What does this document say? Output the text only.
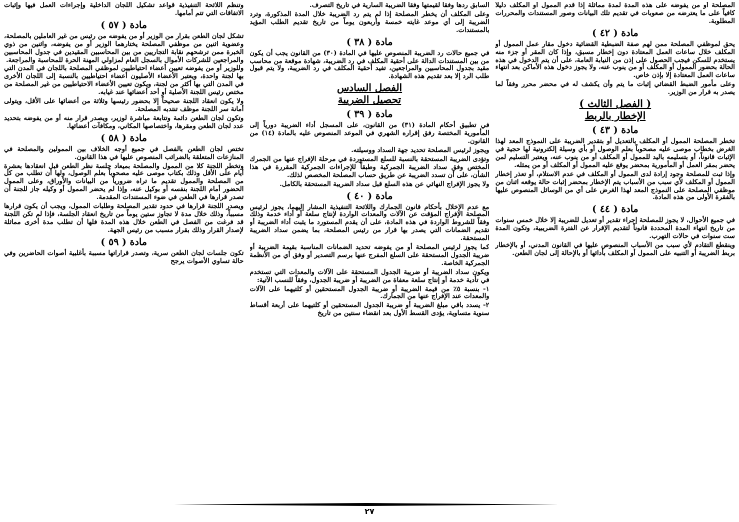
وتنظم اللائحة التنفيذية قواعد تشكيل اللجان الداخلية وإجراءات العمل فيها وإثبات الاتفاقات التي تتم أمامها.

مادة ( ٥٧ )

تشكل لجان الطعن بقرار من الوزير أو من يفوضه من رئيس من غير العاملين بالمصلحة، وعضوية اثنين من موظفي المصلحة يختارهما الوزير أو من يفوضه، واثنين من ذوي الخبرة ممن ترشحهم نقابة التجاريين من بين المحاسبين المقيدين في جدول المحاسبين والمراجعين للشركات الأموال بالسجل العام لمزاولي المهنة الحرة للمحاسبة والمراجعة.

وللوزير أو من يفوضه تعيين أعضاء احتياطيين لموظفي المصلحة باللجان في المدن التي بها لجنة واحدة، ويعتبر الأعضاء الأصليون أعضاء احتياطيين بالنسبة إلى اللجان الأخرى في المدن التي بها أكثر من لجنة، ويكون تعيين الأعضاء الاحتياطيين من غير المصلحة من مختص رئيس اللجنة الأصلية أو أحد أعضائها عند غيابه.

ولا يكون انعقاد اللجنة صحيحاً إلا بحضور رئيسها وثلاثة من أعضائها على الأقل، ويتولى أمانة سر اللجنة موظف تنتدبه المصلحة.

وتكون لجان الطعن دائمة وتتابعة مباشرة لوزير، ويصدر قرار منه أو من يفوضه بتحديد عدد لجان الطعن ومقرها، واختصاصها المكاني، ومكافآت أعضائها.

مادة ( ٥٨ )

تختص لجان الطعن بالفصل في جميع أوجه الخلاف بين الممولين والمصلحة في المنازعات المتعلقة بالضرائب المنصوص عليها في هذا القانون.

وتخطر اللجنة كلا من الممول والمصلحة بميعاد جلسة نظر الطعن قبل انعقادها بعشرة أيام على الأقل وذلك بكتاب موصى عليه مصحوباً بعلم الوصول، ولها أن تطلب من كل من المصلحة والممول تقديم ما تراه ضرورياً من البيانات والأوراق، وعلى الممول الحضور أمام اللجنة بنفسه أو بوكيل عنه، وإذا لم يحضر الممول أو وكيله جاز للجنة أن تصدر قرارها في الطعن في ضوء المستندات المقدمة.

ويصدر اللجنة قرارها في حدود تقدير المصلحة وطلبات الممول، ويجب أن يكون قرارها مسبباً، وذلك خلال مدة لا تجاوز ستين يوماً من تاريخ انعقاد الجلسة، فإذا لم تكن اللجنة قد فرغت من الفصل في الطعن خلال هذه المدة فلها أن تطلب مدة أخرى مماثلة لإصدار القرار وذلك بقرار مسبب من رئيس الجهة.

مادة ( ٥٩ )

تكون جلسات لجان الطعن سرية، وتصدر قراراتها مسببة بأغلبية أصوات الحاضرين وفي حالة تساوي الأصوات يرجح

السابق ردها وفقاً لقيمتها وفقاً الضريبة السارية في تاريخ التصرف.

وعلى المكلف أن يخطر المصلحة إذا لم يتم رد الضريبة خلال المدة المذكورة، وترد الضريبة إلى أي موعد غايته خمسة وأربعون يوماً من تاريخ تقديم الطلب المؤيد بالمستندات.

مادة ( ٣٨ )

في جميع حالات رد الضريبة المنصوص عليها في المادة (٣٠) من القانون يجب أن يكون من بين المستندات الدالة على أحقية المكلف في رد الضريبة، شهادة موقعة من محاسب مقيد بجدول المحاسبين والمراجعين، تفيد أحقية المكلف في رد الضريبة، ولا يتم قبول طلب الرد إلا بعد تقديم هذه الشهادة.

الفصل السادس
تحصيل الضريبة
مادة ( ٣٩ )

في تطبيق أحكام المادة (٣١) من القانون، على المسجل أداء الضريبة دورياً إلى المأمورية المختصة رفق إقراره الشهري في الموعد المنصوص عليه بالمادة (١٤) من القانون.

ويجوز لرئيس المصلحة تحديد جهة السداد ووسيلته.

وتؤدى الضريبة المستحقة بالنسبة للسلع المستوردة في مرحلة الإفراج عنها من الجمرك المختص وفق سداد الضريبة الجمركية وطبقاً للإجراءات الجمركية المقررة في هذا الشأن، على أن تسدد الضريبة عن طريق حساب المصلحة المخصص لذلك.

ولا يجوز الإفراج النهائي عن هذه السلع قبل سداد الضريبة المستحقة بالكامل.

مادة ( ٤٠ )

مع عدم الإخلال بأحكام قانون الجمارك واللائحة التنفيذية المشار إليهما، يجوز لرئيس المصلحة الإفراج المؤقت عن الآلات والمعدات الواردة لإنتاج سلعة أو أداء خدمة وذلك وفقاً للشروط الواردة في هذه المادة، على أن يقدم المستورد ما يثبت أداء الضريبة أو تقديم الضمانات التي يصدر بها قرار من رئيس المصلحة، بما يضمن سداد الضريبة المستحقة.

كما يجوز لرئيس المصلحة أو من يفوضه تحديد الضمانات المناسبة بقيمة الضريبة أو ضريبة الجدول المستحقة على السلع المفرج عنها برسم التصدير أو وفق أي من الأنظمة الجمركية الخاصة.

ويكون سداد الضريبة أو ضريبة الجدول المستحقة على الآلات والمعدات التي تستخدم في تأدية خدمة أو إنتاج سلعة معفاة من الضريبة أو ضريبة الجدول، وفقاً للنسب الآتية:

١- بنسبة ٥٪ من قيمة الضريبة أو ضريبة الجدول المستحقين أو كلتيهما على الآلات والمعدات عند الإفراج عنها من الجمارك.

٢- يسدد باقي مبلغ الضريبة أو ضريبة الجدول المستحقين أو كلتيهما على أربعة أقساط سنوية متساوية، يؤدى القسط الأول بعد انقضاء سنتين من تاريخ

المصلحة أو من يفوضه على هذه المدة لمدة مماثلة إذا قدم الممول أو المكلف دليلاً كافياً على ما يعترضه من صعوبات في تقديم تلك البيانات وصور المستندات والمحررات المطلوبة.

مادة ( ٤٢ )

يحق لموظفي المصلحة ممن لهم صفة الضبطية القضائية دخول مقار عمل الممول أو المكلف خلال ساعات العمل المعتادة دون إخطار مسبق، وإذا كان المقر أو جزء منه يستخدم للسكن فيجب الحصول على إذن من النيابة العامة، على أن يتم الدخول في هذه الحالة بحضور الممول أو المكلف أو من ينوب عنه، ولا يجوز دخول هذه الأماكن بعد انتهاء ساعات العمل المعتادة إلا بإذن خاص.

وعلى مأمور الضبط القضائي إثبات ما يتم وأن يكشف له في محضر محرر وفقاً لما يصدر به قرار من الوزير.

( الفصل الثالث )
الإخطار بالربط
مادة ( ٤٣ )

تخطر المصلحة الممول أو المكلف بالتعديل أو بتقدير الضريبة على النموذج المعد لهذا الغرض بخطاب موصى عليه مصحوباً بعلم الوصول أو بأي وسيلة إلكترونية لها حجية في الإثبات قانوناً، أو بتسليمه باليد للممول أو المكلف أو من ينوب عنه، ويعتبر التسليم لمن يحضر بمقر العمل أو المأمورية بمحضر يوقع عليه الممول أو المكلف أو من يمثله.

وإذا ثبت للمصلحة وجود إرادة لدى الممول أو المكلف في عدم الاستلام، أو تعذر إخطار الممول أو المكلف لأي سبب من الأسباب يتم الإخطار بمحضر إثبات حالة يوقعه اثنان من موظفي المصلحة على النموذج المعد لهذا الغرض على أي من الوسائل المنصوص عليها بالفقرة الأولى من هذه المادة.

مادة ( ٤٤ )

في جميع الأحوال، لا يجوز للمصلحة إجراء تقدير أو تعديل للضريبة إلا خلال خمس سنوات من تاريخ انتهاء المدة المحددة قانوناً لتقديم الإقرار عن الفترة الضريبية، وتكون المدة ست سنوات في حالات التهرب.

وينقطع التقادم لأي سبب من الأسباب المنصوص عليها في القانون المدني، أو بالإخطار بربط الضريبة أو التنبيه على الممول أو المكلف بأدائها أو بالإحالة إلى لجان الطعن.

٢٧
